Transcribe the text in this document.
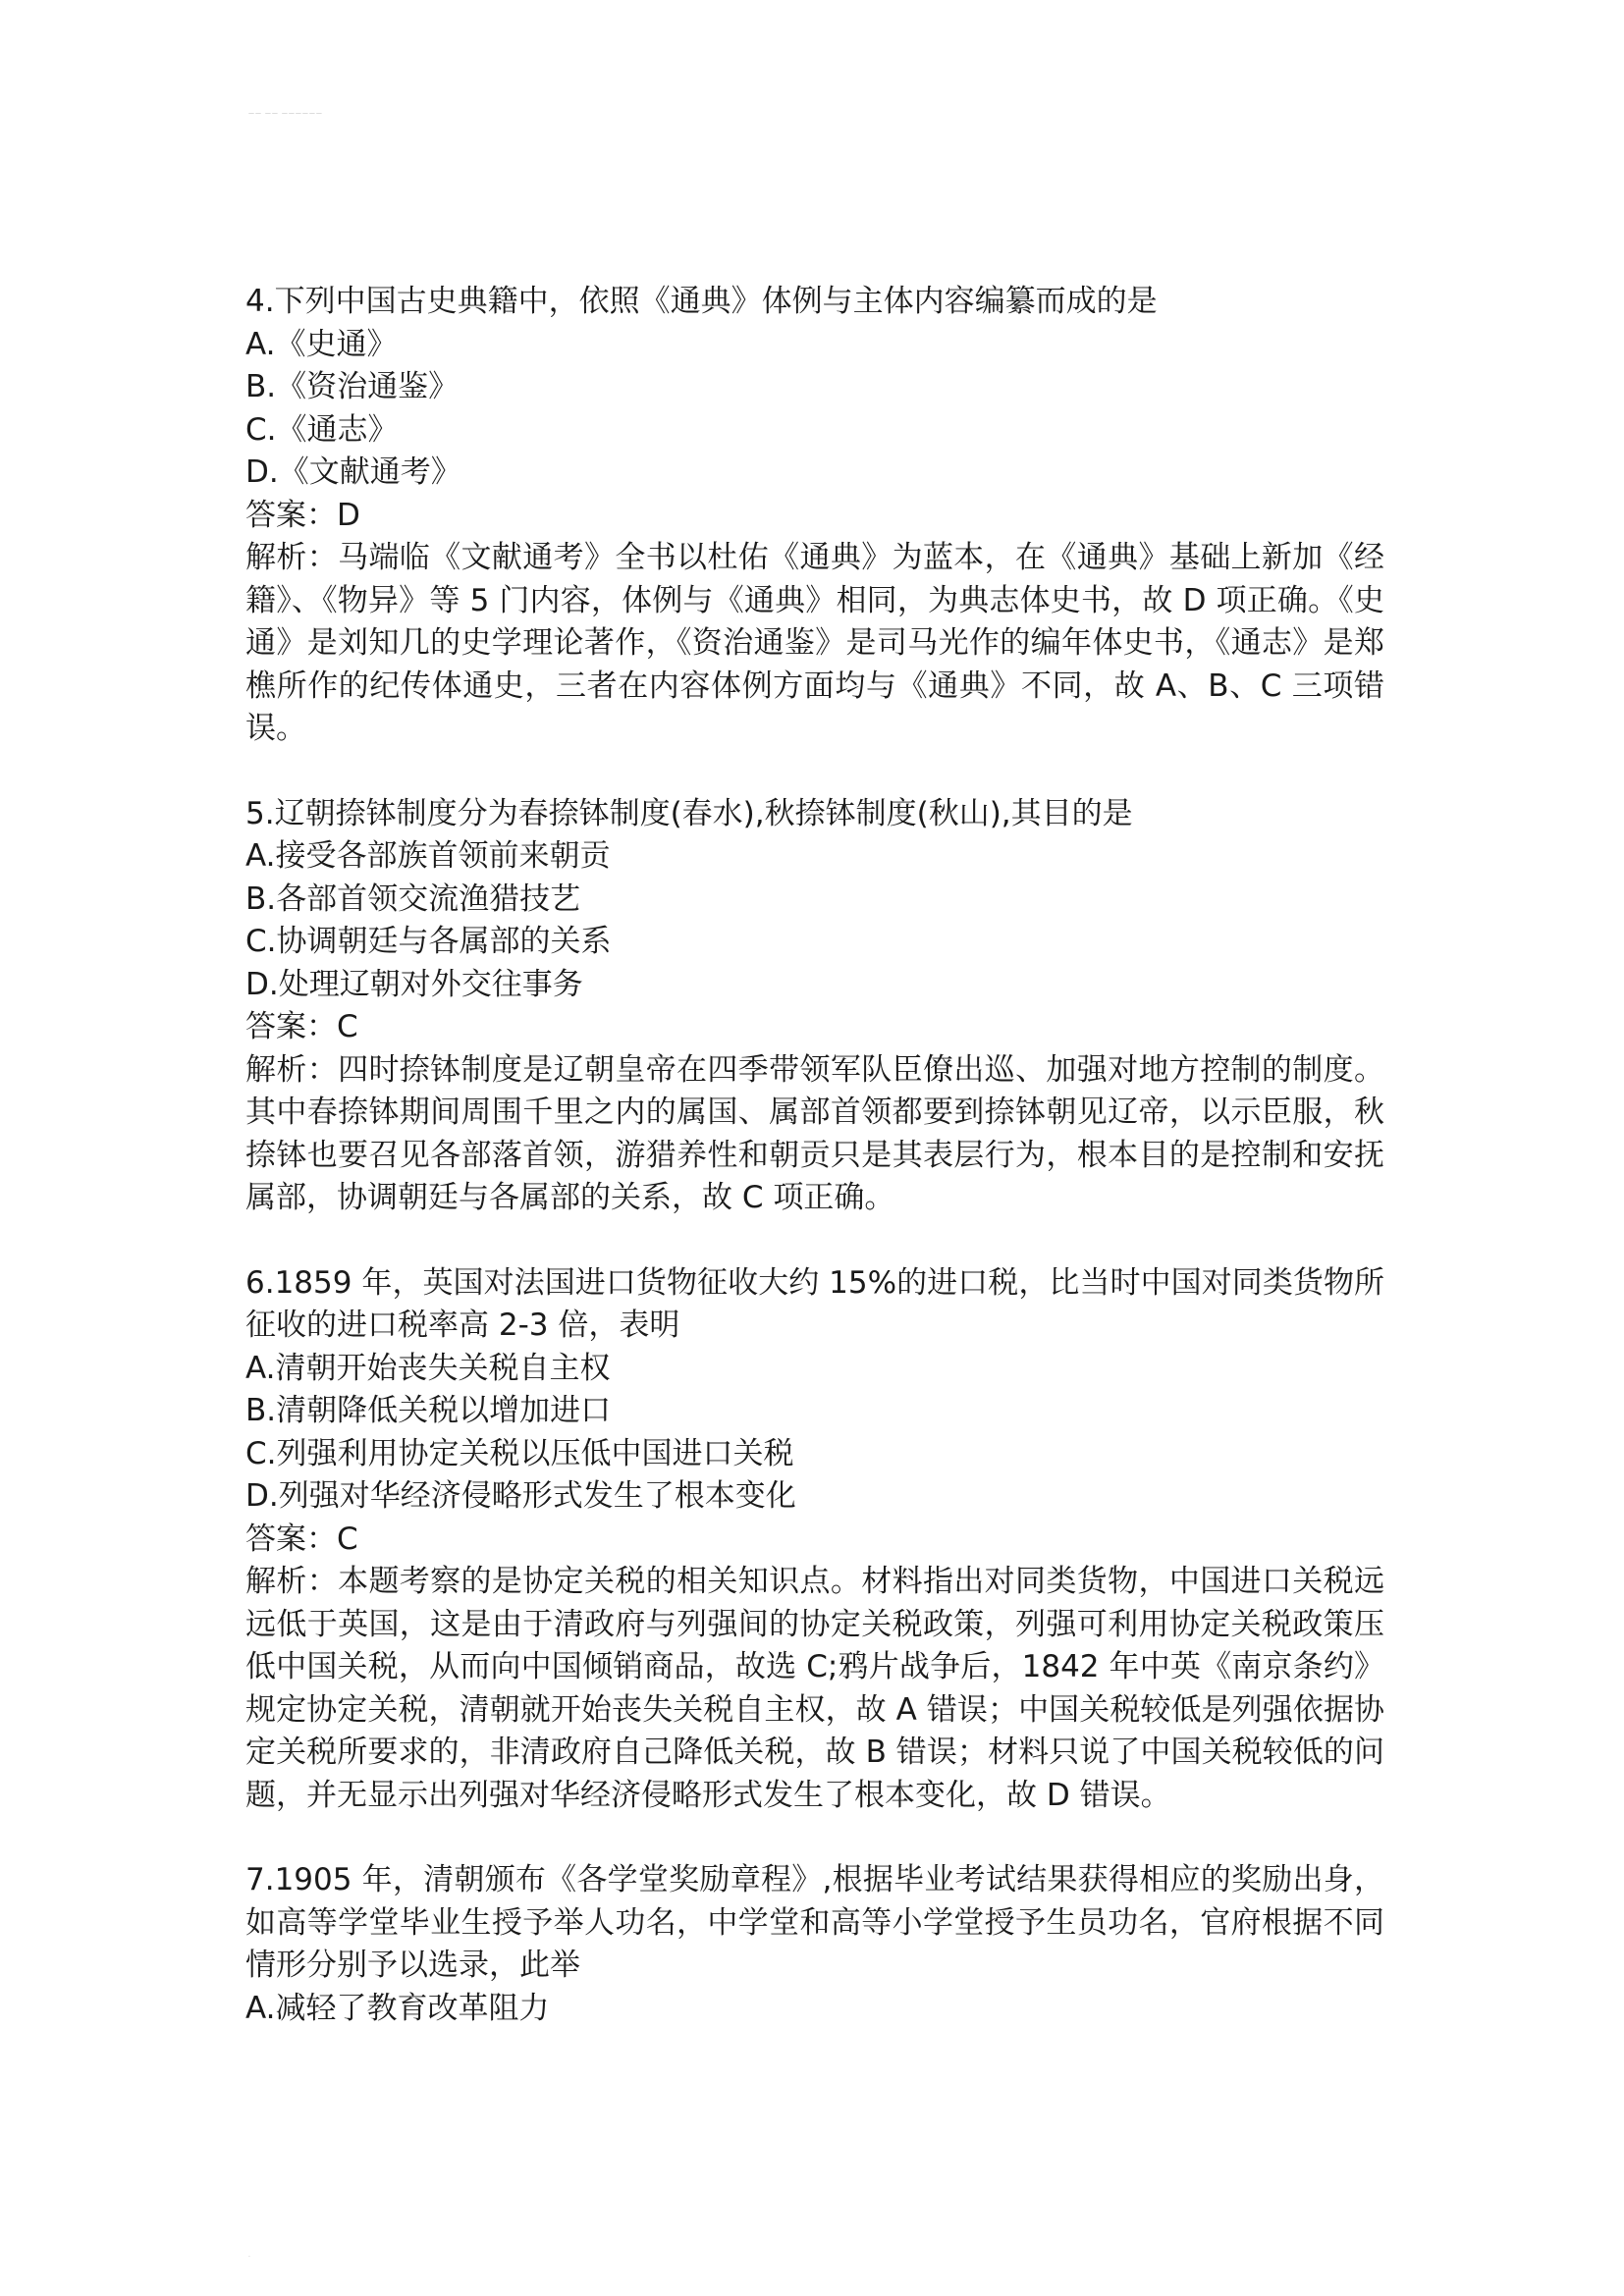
—— —— ——————
4.下列中国古史典籍中，依照《通典》体例与主体内容编纂而成的是
A.《史通》
B.《资治通鉴》
C.《通志》
D.《文献通考》
答案：D
解析：马端临《文献通考》全书以杜佑《通典》为蓝本，在《通典》基础上新加《经籍》、《物异》等 5 门内容，体例与《通典》相同，为典志体史书，故 D 项正确。《史通》是刘知几的史学理论著作，《资治通鉴》是司马光作的编年体史书，《通志》是郑樵所作的纪传体通史，三者在内容体例方面均与《通典》不同，故 A、B、C 三项错误。
5.辽朝捺钵制度分为春捺钵制度(春水),秋捺钵制度(秋山),其目的是
A.接受各部族首领前来朝贡
B.各部首领交流渔猎技艺
C.协调朝廷与各属部的关系
D.处理辽朝对外交往事务
答案：C
解析：四时捺钵制度是辽朝皇帝在四季带领军队臣僚出巡、加强对地方控制的制度。其中春捺钵期间周围千里之内的属国、属部首领都要到捺钵朝见辽帝，以示臣服，秋捺钵也要召见各部落首领，游猎养性和朝贡只是其表层行为，根本目的是控制和安抚属部，协调朝廷与各属部的关系，故 C 项正确。
6.1859 年，英国对法国进口货物征收大约 15%的进口税，比当时中国对同类货物所征收的进口税率高 2-3 倍，表明
A.清朝开始丧失关税自主权
B.清朝降低关税以增加进口
C.列强利用协定关税以压低中国进口关税
D.列强对华经济侵略形式发生了根本变化
答案：C
解析：本题考察的是协定关税的相关知识点。材料指出对同类货物，中国进口关税远远低于英国，这是由于清政府与列强间的协定关税政策，列强可利用协定关税政策压低中国关税，从而向中国倾销商品，故选 C;鸦片战争后，1842 年中英《南京条约》规定协定关税，清朝就开始丧失关税自主权，故 A 错误；中国关税较低是列强依据协定关税所要求的，非清政府自己降低关税，故 B 错误；材料只说了中国关税较低的问题，并无显示出列强对华经济侵略形式发生了根本变化，故 D 错误。
7.1905 年，清朝颁布《各学堂奖励章程》,根据毕业考试结果获得相应的奖励出身，如高等学堂毕业生授予举人功名，中学堂和高等小学堂授予生员功名，官府根据不同情形分别予以选录，此举
A.减轻了教育改革阻力
·
